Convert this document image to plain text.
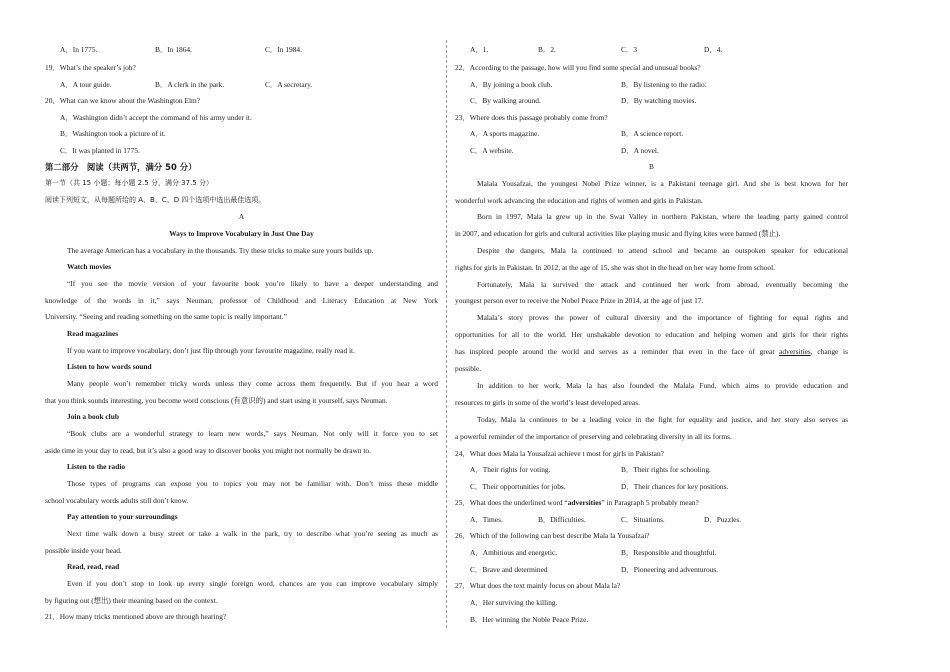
A．In 1775.	B．In 1864.	C．In 1984.
19．What’s the speaker’s job?
A．A tour guide.	B．A clerk in the park.	C．A secretary.
20．What can we know about the Washington Elm?
A．Washington didn’t accept the command of his army under it.
B．Washington took a picture of it.
C．It was planted in 1775.
第二部分　阅读（共两节，满分 50 分）
第一节（共 15 小题；每小题 2.5 分，满分 37.5 分）
阅读下列短文，从每题所给的 A、B、C、D 四个选项中选出最佳选项。
A
Ways to Improve Vocabulary in Just One Day
The average American has a vocabulary in the thousands. Try these tricks to make sure yours builds up.
Watch movies
“If you see the movie version of your favourite book you’re likely to have a deeper understanding and
knowledge of the words in it,” says Neuman, professor of Childhood and Literacy Education at New York
University. “Seeing and reading something on the same topic is really important.”
Read magazines
If you want to improve vocabulary, don’t just flip through your favourite magazine, really read it.
Listen to how words sound
Many people won’t remember tricky words unless they come across them frequently. But if you hear a word
that you think sounds interesting, you become word conscious (有意识的) and start using it yourself, says Neuman.
Join a book club
“Book clubs are a wonderful strategy to learn new words,” says Neuman. Not only will it force you to set
aside time in your day to read, but it’s also a good way to discover books you might not normally be drawn to.
Listen to the radio
Those types of programs can expose you to topics you may not be familiar with. Don’t miss these middle
school vocabulary words adults still don’t know.
Pay attention to your surroundings
Next time walk down a busy street or take a walk in the park, try to describe what you’re seeing as much as
possible inside your head.
Read, read, read
Even if you don’t stop to look up every single foreign word, chances are you can improve vocabulary simply
by figuring out (想出) their meaning based on the context.
21．How many tricks mentioned above are through hearing?
A．1.	B．2.	C．3	D．4.
22．According to the passage, how will you find some special and unusual books?
A．By joining a book club.	B．By listening to the radio.
C．By walking around.	D．By watching movies.
23．Where does this passage probably come from?
A．A sports magazine.	B．A science report.
C．A website.	D．A novel.
B
Malala Yousafzai, the youngest Nobel Prize winner, is a Pakistani teenage girl. And she is best known for her
wonderful work advancing the education and rights of women and girls in Pakistan.
Born in 1997, Mala la grew up in the Swat Valley in northern Pakistan, where the leading party gained control
in 2007, and education for girls and cultural activities like playing music and flying kites were banned (禁止).
Despite the dangers, Mala la continued to attend school and became an outspoken speaker for educational
rights for girls in Pakistan. In 2012, at the age of 15, she was shot in the head on her way home from school.
Fortunately, Mala la survived the attack and continued her work from abroad, eventually becoming the
youngest person ever to receive the Nobel Peace Prize in 2014, at the age of just 17.
Malala’s story proves the power of cultural diversity and the importance of fighting for equal rights and
opportunities for all to the world. Her unshakable devotion to education and helping women and girls for their rights
has inspired people around the world and serves as a reminder that even in the face of great adversities, change is
possible.
In addition to her work, Mala la has also founded the Malala Fund, which aims to provide education and
resources to girls in some of the world’s least developed areas.
Today, Mala la continues to be a leading voice in the fight for equality and justice, and her story also serves as
a powerful reminder of the importance of preserving and celebrating diversity in all its forms.
24．What does Mala la Yousafzai achieve t most for girls in Pakistan?
A．Their rights for voting.	B．Their rights for schooling.
C．Their opportunities for jobs.	D．Their chances for key positions.
25．What does the underlined word “adversities” in Paragraph 5 probably mean?
A．Times.	B．Difficulties.	C．Situations.	D．Puzzles.
26．Which of the following can best describe Mala la Yousafzai?
A．Ambitious and energetic.	B．Responsible and thoughtful.
C．Brave and determined	D．Pioneering and adventurous.
27．What does the text mainly focus on about Mala la?
A．Her surviving the killing.
B．Her winning the Noble Peace Prize.
